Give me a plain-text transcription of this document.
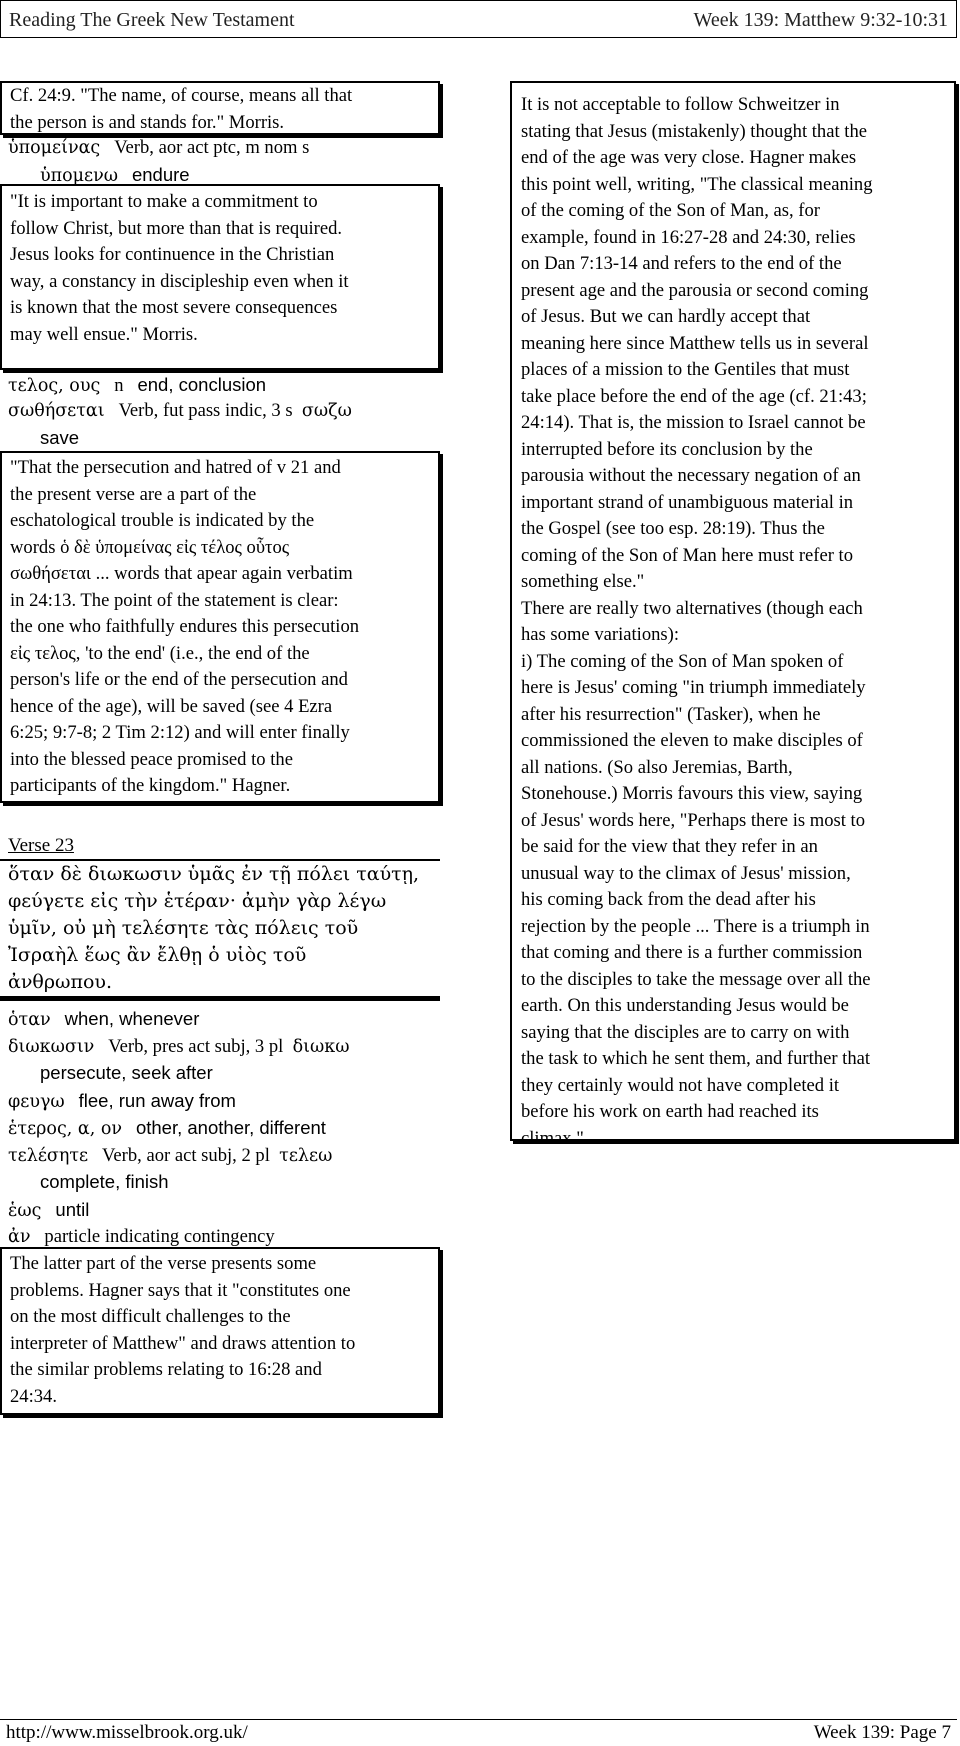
Reading The Greek New Testament	Week 139: Matthew 9:32-10:31
Cf. 24:9. "The name, of course, means all that
the person is and stands for." Morris.
ὑπομείνας Verb, aor act ptc, m nom s
ὑπομενω endure
"It is important to make a commitment to
follow Christ, but more than that is required.
Jesus looks for continuence in the Christian
way, a constancy in discipleship even when it
is known that the most severe consequences
may well ensue." Morris.
τελος, ους n end, conclusion
σωθήσεται Verb, fut pass indic, 3 s σωζω
save
"That the persecution and hatred of v 21 and
the present verse are a part of the
eschatological trouble is indicated by the
words ὁ δὲ ὑπομείνας εἰς τέλος οὗτος
σωθήσεται ... words that apear again verbatim
in 24:13. The point of the statement is clear:
the one who faithfully endures this persecution
εἰς τελος, 'to the end' (i.e., the end of the
person's life or the end of the persecution and
hence of the age), will be saved (see 4 Ezra
6:25; 9:7-8; 2 Tim 2:12) and will enter finally
into the blessed peace promised to the
participants of the kingdom." Hagner.
Verse 23
ὅταν δὲ διωκωσιν ὑμᾶς ἐν τῇ πόλει ταύτῃ,
φεύγετε εἰς τὴν ἑτέραν· ἀμὴν γὰρ λέγω
ὑμῖν, οὐ μὴ τελέσητε τὰς πόλεις τοῦ
Ἰσραὴλ ἕως ἂν ἔλθῃ ὁ υἱὸς τοῦ
ἀνθρωπου.
ὁταν when, whenever
διωκωσιν Verb, pres act subj, 3 pl διωκω
persecute, seek after
φευγω flee, run away from
ἑτερος, α, ον other, another, different
τελέσητε Verb, aor act subj, 2 pl τελεω
complete, finish
ἑως until
ἀν particle indicating contingency
The latter part of the verse presents some
problems. Hagner says that it "constitutes one
on the most difficult challenges to the
interpreter of Matthew" and draws attention to
the similar problems relating to 16:28 and
24:34.
It is not acceptable to follow Schweitzer in
stating that Jesus (mistakenly) thought that the
end of the age was very close. Hagner makes
this point well, writing, "The classical meaning
of the coming of the Son of Man, as, for
example, found in 16:27-28 and 24:30, relies
on Dan 7:13-14 and refers to the end of the
present age and the parousia or second coming
of Jesus. But we can hardly accept that
meaning here since Matthew tells us in several
places of a mission to the Gentiles that must
take place before the end of the age (cf. 21:43;
24:14). That is, the mission to Israel cannot be
interrupted before its conclusion by the
parousia without the necessary negation of an
important strand of unambiguous material in
the Gospel (see too esp. 28:19). Thus the
coming of the Son of Man here must refer to
something else."
There are really two alternatives (though each
has some variations):
i) The coming of the Son of Man spoken of
here is Jesus' coming "in triumph immediately
after his resurrection" (Tasker), when he
commissioned the eleven to make disciples of
all nations. (So also Jeremias, Barth,
Stonehouse.) Morris favours this view, saying
of Jesus' words here, "Perhaps there is most to
be said for the view that they refer in an
unusual way to the climax of Jesus' mission,
his coming back from the dead after his
rejection by the people ... There is a triumph in
that coming and there is a further commission
to the disciples to take the message over all the
earth. On this understanding Jesus would be
saying that the disciples are to carry on with
the task to which he sent them, and further that
they certainly would not have completed it
before his work on earth had reached its
climax."
http://www.misselbrook.org.uk/	Week 139: Page 7
